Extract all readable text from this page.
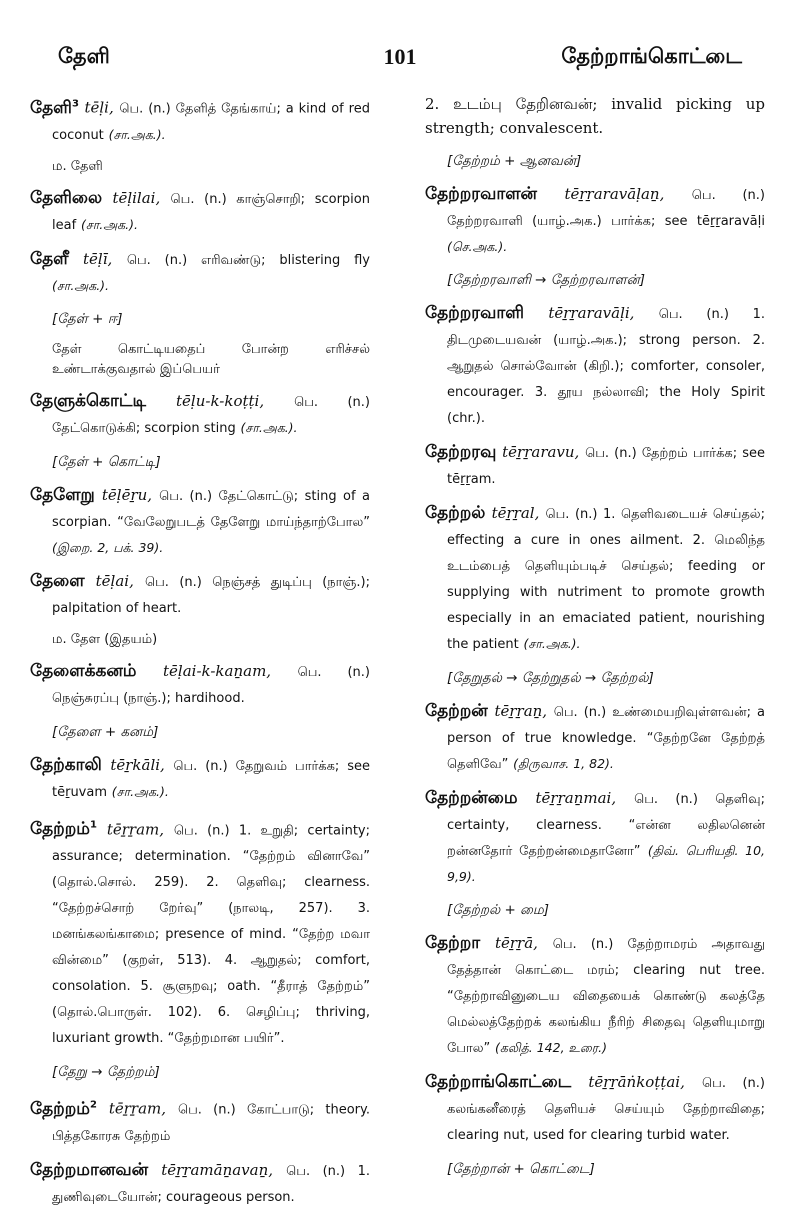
தேளி	101	தேற்றாங்கொட்டை
தேளி$^3$ tēḷi, பெ. (n.) தேளித் தேங்காய்; a kind of red coconut (சா.அக.).
ம. தேளி
தேளிலை tēḷilai, பெ. (n.) காஞ்சொறி; scorpion leaf (சா.அக.).
தேளீ tēḷī, பெ. (n.) எரிவண்டு; blistering fly (சா.அக.).
[தேள் + ஈ]
தேள் கொட்டியதைப் போன்ற எரிச்சல் உண்டாக்குவதால் இப்பெயர்
தேளுக்கொட்டி tēḷu-k-koṭṭi, பெ. (n.) தேட்கொடுக்கி; scorpion sting (சா.அக.).
[தேள் + கொட்டி]
தேளேறு tēḷēṟu, பெ. (n.) தேட்கொட்டு; sting of a scorpian. “வேலேறுபடத் தேளேறு மாய்ந்தாற்போல” (இறை. 2, பக். 39).
தேளை tēḷai, பெ. (n.) நெஞ்சத் துடிப்பு (நாஞ்.); palpitation of heart.
ம. தேள (இதயம்)
தேளைக்கனம் tēḷai-k-kaṉam, பெ. (n.) நெஞ்சுரப்பு (நாஞ்.); hardihood.
[தேளை + கனம்]
தேற்காலி tēṟkāli, பெ. (n.) தேறுவம் பார்க்க; see tēṟuvam (சா.அக.).
தேற்றம்$^1$ tēṟṟam, பெ. (n.) 1. உறுதி; certainty; assurance; determination. “தேற்றம் வினாவே” (தொல்.சொல். 259). 2. தெளிவு; clearness. “தேற்றச்சொற் றேர்வு” (நாலடி, 257). 3. மனங்கலங்காமை; presence of mind. “தேற்ற மவா வின்மை” (குறள், 513). 4. ஆறுதல்; comfort, consolation. 5. சூளுறவு; oath. “தீராத் தேற்றம்” (தொல்.பொருள். 102). 6. செழிப்பு; thriving, luxuriant growth. “தேற்றமான பயிர்”.
[தேறு → தேற்றம்]
தேற்றம்$^2$ tēṟṟam, பெ. (n.) கோட்பாடு; theory. பித்தகோரசு தேற்றம்
தேற்றமானவன் tēṟṟamāṉavaṉ, பெ. (n.) 1. துணிவுடையோன்; courageous person.
2. உடம்பு தேறினவன்; invalid picking up strength; convalescent.
[தேற்றம் + ஆனவன்]
தேற்றரவாளன் tēṟṟaravāḷaṉ, பெ. (n.) தேற்றரவாளி (யாழ்.அக.) பார்க்க; see tēṟṟaravāḷi (செ.அக.).
[தேற்றரவாளி → தேற்றரவாளன்]
தேற்றரவாளி tēṟṟaravāḷi, பெ. (n.) 1. திடமுடையவன் (யாழ்.அக.); strong person. 2. ஆறுதல் சொல்வோன் (கிறி.); comforter, consoler, encourager. 3. தூய நல்லாவி; the Holy Spirit (chr.).
தேற்றரவு tēṟṟaravu, பெ. (n.) தேற்றம் பார்க்க; see tēṟṟam.
தேற்றல் tēṟṟal, பெ. (n.) 1. தெளிவடையச் செய்தல்; effecting a cure in ones ailment. 2. மெலிந்த உடம்பைத் தெளியும்படிச் செய்தல்; feeding or supplying with nutriment to promote growth especially in an emaciated patient, nourishing the patient (சா.அக.).
[தேறுதல் → தேற்றுதல் → தேற்றல்]
தேற்றன் tēṟṟaṉ, பெ. (n.) உண்மையறிவுள்ளவன்; a person of true knowledge. “தேற்றனே தேற்றத் தெளிவே” (திருவாச. 1, 82).
தேற்றன்மை tēṟṟaṉmai, பெ. (n.) தெளிவு; certainty, clearness. “என்ன லதிலனென் றன்னதோர் தேற்றன்மைதானோ” (திவ். பெரியதி. 10, 9,9).
[தேற்றல் + மை]
தேற்றா tēṟṟā, பெ. (n.) தேற்றாமரம் அதாவது தேத்தான் கொட்டை மரம்; clearing nut tree. “தேற்றாவினுடைய விதையைக் கொண்டு கலத்தே மெல்லத்தேற்றக் கலங்கிய நீரிற் சிதைவு தெளியுமாறு போல” (கலித். 142, உரை.)
தேற்றாங்கொட்டை tēṟṟāṅkoṭṭai, பெ. (n.) கலங்கனீரைத் தெளியச் செய்யும் தேற்றாவிதை; clearing nut, used for clearing turbid water.
[தேற்றான் + கொட்டை]
